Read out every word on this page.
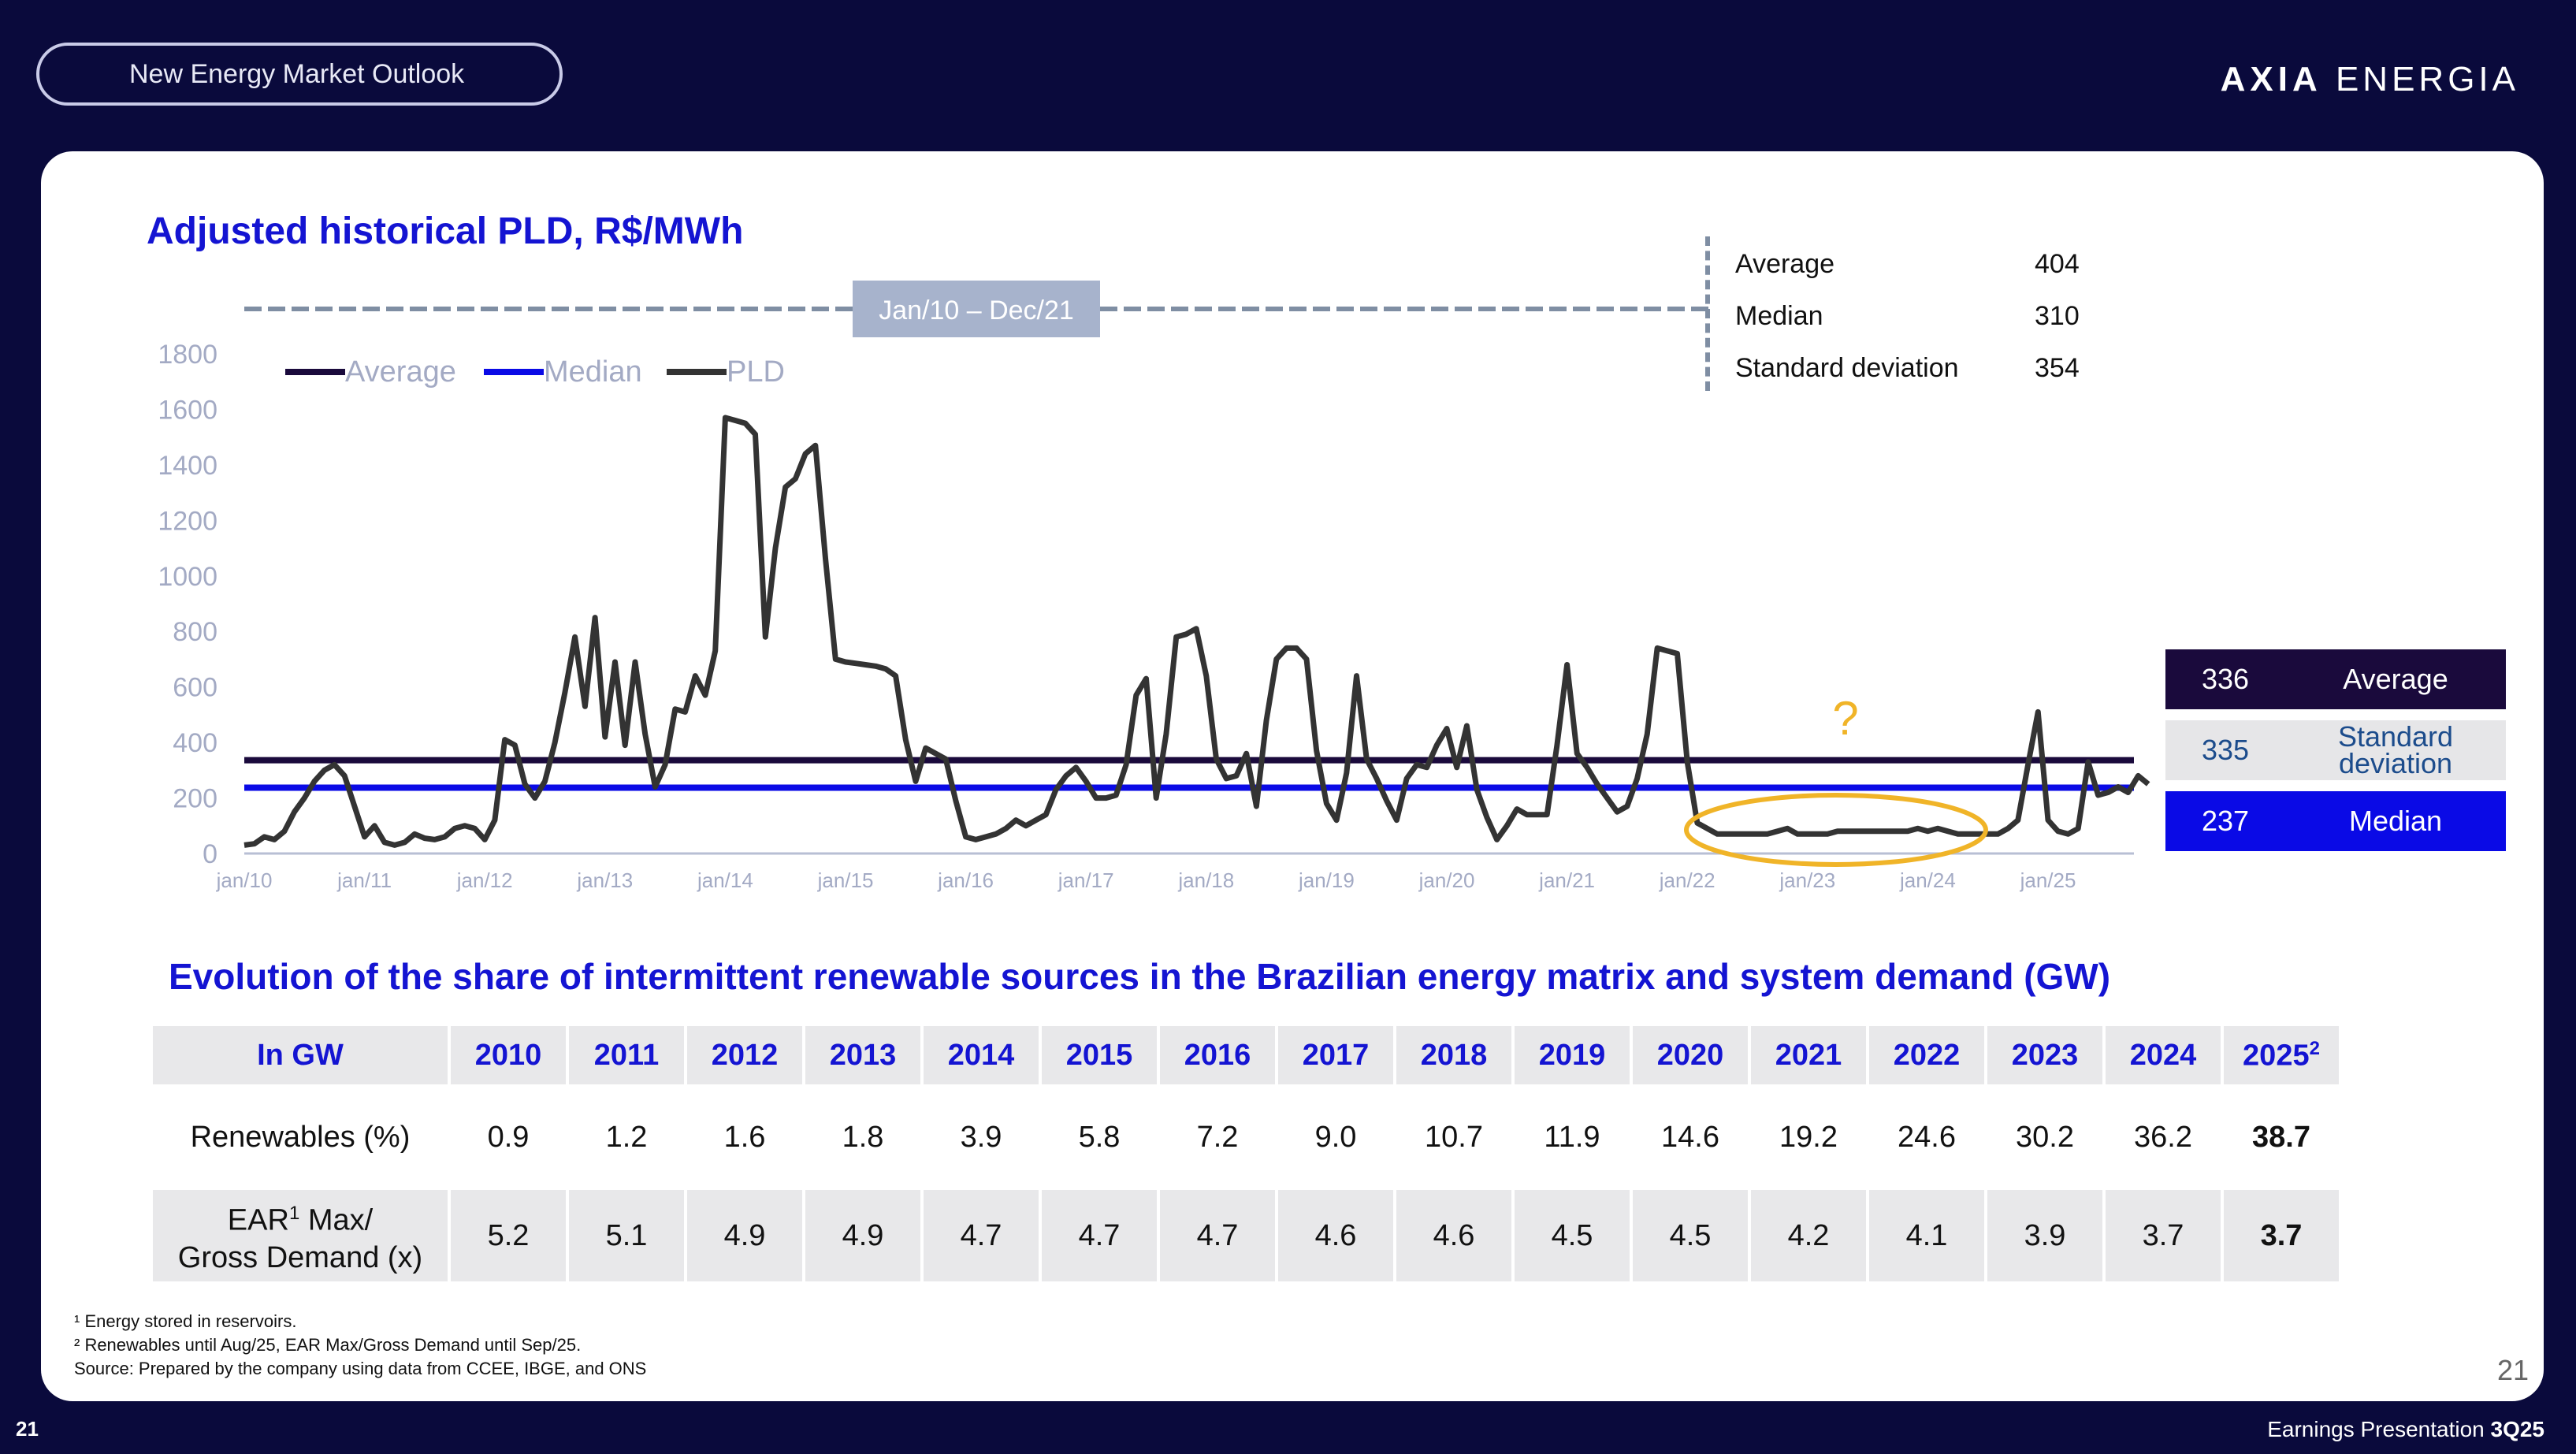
New Energy Market Outlook	AXIA ENERGIA
Adjusted historical PLD, R$/MWh
0
200
400
600
800
1000
1200
1400
1600
1800
jan/10	jan/11	jan/12	jan/13	jan/14	jan/15	jan/16	jan/17	jan/18	jan/19	jan/20	jan/21	jan/22	jan/23	jan/24	jan/25
Jan/10 – Dec/21
Average	Median	PLD
?
Average	404
Median	310
Standard deviation	354
336	Average
335	Standard deviation
237	Median
Evolution of the share of intermittent renewable sources in the Brazilian energy matrix and system demand (GW)
In GW	2010	2011	2012	2013	2014	2015	2016	2017	2018	2019	2020	2021	2022	2023	2024	2025$^2$
Renewables (%)	0.9	1.2	1.6	1.8	3.9	5.8	7.2	9.0	10.7	11.9	14.6	19.2	24.6	30.2	36.2	38.7
EAR$^1$ Max/
Gross Demand (x)	5.2	5.1	4.9	4.9	4.7	4.7	4.7	4.6	4.6	4.5	4.5	4.2	4.1	3.9	3.7	3.7
¹ Energy stored in reservoirs.
² Renewables until Aug/25, EAR Max/Gross Demand until Sep/25.
Source: Prepared by the company using data from CCEE, IBGE, and ONS	21
21	Earnings Presentation 3Q25
